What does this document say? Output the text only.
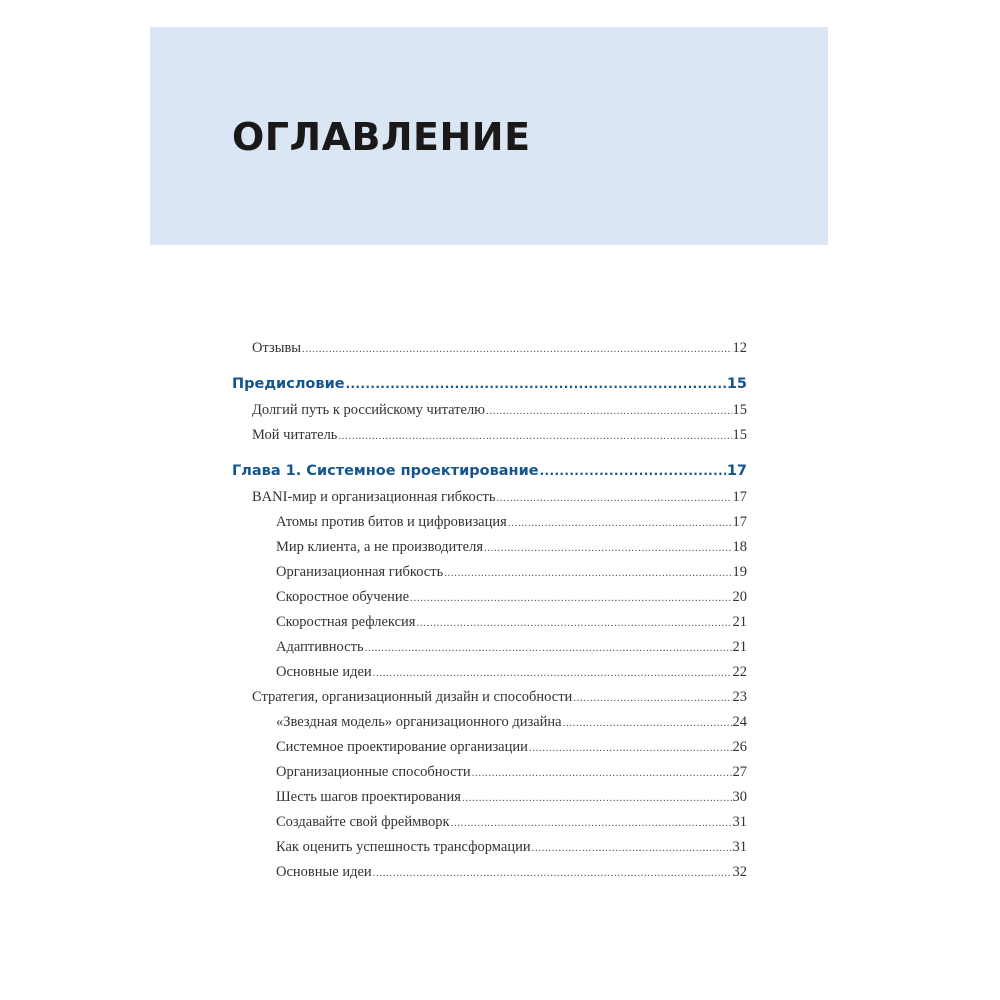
ОГЛАВЛЕНИЕ
Отзывы .....	12
Предисловие .....	15
Долгий путь к российскому читателю .....	15
Мой читатель .....	15
Глава 1. Системное проектирование .....	17
BANI-мир и организационная гибкость .....	17
Атомы против битов и цифровизация .....	17
Мир клиента, а не производителя .....	18
Организационная гибкость .....	19
Скоростное обучение .....	20
Скоростная рефлексия .....	21
Адаптивность .....	21
Основные идеи .....	22
Стратегия, организационный дизайн и способности .....	23
«Звездная модель» организационного дизайна .....	24
Системное проектирование организации .....	26
Организационные способности .....	27
Шесть шагов проектирования .....	30
Создавайте свой фреймворк .....	31
Как оценить успешность трансформации .....	31
Основные идеи .....	32
